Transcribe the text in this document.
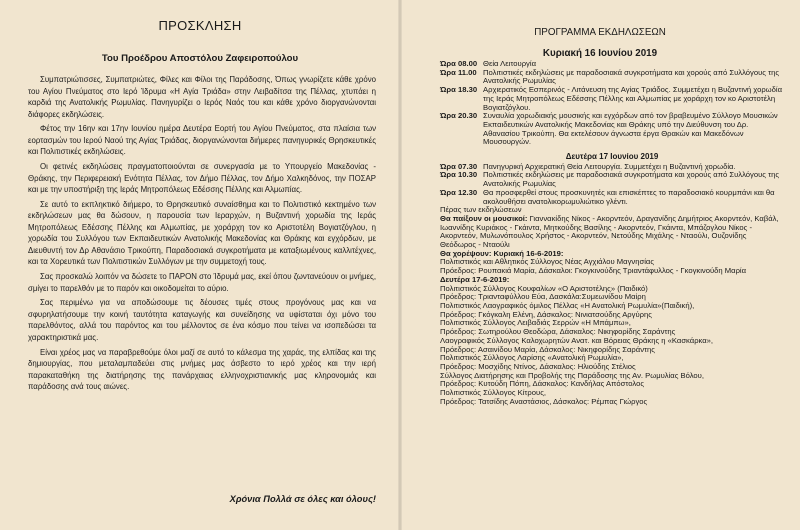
ΠΡΟΣΚΛΗΣΗ
Του Προέδρου Αποστόλου Ζαφειροπούλου

Συμπατριώτισσες, Συμπατριώτες, Φίλες και Φίλοι της Παράδοσης, Όπως γνωρίζετε κάθε χρόνο του Αγίου Πνεύματος στο Ιερό Ίδρυμα «Η Αγία Τριάδα» στην Λειβαδίτσα της Πέλλας, χτυπάει η καρδιά της Ανατολικής Ρωμυλίας. Πανηγυρίζει ο Ιερός Ναός του και κάθε χρόνο διοργανώνονται διάφορες εκδηλώσεις.

Φέτος την 16ην και 17ην Ιουνίου ημέρα Δευτέρα Εορτή του Αγίου Πνεύματος, στα πλαίσια των εορτασμών του Ιερού Ναού της Αγίας Τριάδας, διοργανώνονται διήμερες πανηγυρικές Θρησκευτικές και Πολιτιστικές εκδηλώσεις.

Οι φετινές εκδηλώσεις πραγματοποιούνται σε συνεργασία με το Υπουργείο Μακεδονίας - Θράκης, την Περιφερειακή Ενότητα Πέλλας, τον Δήμο Πέλλας, τον Δήμο Χαλκηδόνος, την ΠΟΣΑΡ και με την υποστήριξη της Ιεράς Μητροπόλεως Εδέσσης Πέλλης και Αλμωπίας.

Σε αυτό το εκπληκτικό διήμερο, το Θρησκευτικό συναίσθημα και το Πολιτιστικό κεκτημένο των εκδηλώσεων μας θα δώσουν, η παρουσία των Ιεραρχών, η Βυζαντινή χορωδία της Ιεράς Μητροπόλεως Εδέσσης Πέλλης και Αλμωπίας, με χοράρχη τον κο Αριστοτέλη Βογιατζόγλου, η χορωδία του Συλλόγου των Εκπαιδευτικών Ανατολικής Μακεδονίας και Θράκης και εγχόρδων, με Διευθυντή τον Δρ Αθανάσιο Τρικούπη, Παραδοσιακά συγκροτήματα με καταξιωμένους καλλιτέχνες, και τα Χορευτικά των Πολιτιστικών Συλλόγων με την συμμετοχή τους.

Σας προσκαλώ λοιπόν να δώσετε το ΠΑΡΟΝ στο Ίδρυμά μας, εκεί όπου ζωντανεύουν οι μνήμες, σμίγει το παρελθόν με το παρόν και οικοδομείται το αύριο.

Σας περιμένω για να αποδώσουμε τις δέουσες τιμές στους προγόνους μας και να σφυρηλατήσουμε την κοινή ταυτότητα καταγωγής και συνείδησης να υφίσταται όχι μόνο του παρελθόντος, αλλά του παρόντος και του μέλλοντος σε ένα κόσμο που τείνει να ισοπεδώσει τα χαρακτηριστικά μας.

Είναι χρέος μας να παραβρεθούμε όλοι μαζί σε αυτό το κάλεσμα της χαράς, της ελπίδας και της δημιουργίας, που μεταλαμπαδεύει στις μνήμες μας άσβεστο το ιερό χρέος και την ιερή παρακαταθήκη της διατήρησης της πανάρχαιας ελληνοχριστιανικής μας κληρονομιάς και παράδοσης ανά τους αιώνες.

Χρόνια Πολλά σε όλες και όλους!
ΠΡΟΓΡΑΜΜΑ ΕΚΔΗΛΩΣΕΩΝ
Κυριακή 16 Ιουνίου 2019
Ώρα 08.00 Θεία Λειτουργία
Ώρα 11.00 Πολιτιστικές εκδηλώσεις με παραδοσιακά συγκροτήματα και χορούς από Συλλόγους της Ανατολικής Ρωμυλίας
Ώρα 18.30 Αρχιερατικός Εσπερινός - Λιτάνευση της Αγίας Τριάδος. Συμμετέχει η Βυζαντινή χορωδία της Ιεράς Μητροπόλεως Εδέσσης Πέλλης και Αλμωπίας με χοράρχη τον κο Αριστοτέλη Βογιατζόγλου.
Ώρα 20.30 Συναυλία χορωδιακής μουσικής και εγχόρδων από τον βραβευμένο Σύλλογο Μουσικών Εκπαιδευτικών Ανατολικής Μακεδονίας και Θράκης υπό την Διεύθυνση του Δρ. Αθανασίου Τρικούπη. Θα εκτελέσουν άγνωστα έργα Θρακών και Μακεδόνων Μουσουργών.
Δευτέρα 17 Ιουνίου 2019
Ώρα 07.30 Πανηγυρική Αρχιερατική Θεία Λειτουργία. Συμμετέχει η Βυζαντινή χορωδία.
Ώρα 10.30 Πολιτιστικές εκδηλώσεις με παραδοσιακά συγκροτήματα και χορούς από Συλλόγους της Ανατολικής Ρωμυλίας
Ώρα 12.30 Θα προσφερθεί στους προσκυνητές και επισκέπτες το παραδοσιακό κουρμπάνι και θα ακολουθήσει ανατολικορωμυλιώτικο γλέντι.
Πέρας των εκδηλώσεων
Θα παίξουν οι μουσικοί: Γιαννακίδης Νίκος - Ακορντεόν, Δραγανίδης Δημήτριος Ακορντεόν, Καβάλ, Ιωαννίδης Κυριάκος - Γκάιντα, Μητκούδης Βασίλης - Ακορντεόν, Γκάιντα, Μπάζογλου Νίκος - Ακορντεόν, Μυλωνόπουλος Χρήστος - Ακορντεόν, Νετούδης Μιχάλης - Νταούλι, Ουζονίδης Θεόδωρος - Νταούλι
Θα χορέψουν: Κυριακή 16-6-2019:
Πολιτιστικός και Αθλητικός Σύλλογος Νέας Αγχιάλου Μαγνησίας
Πρόεδρος: Ρουπακιά Μαρία, Δάσκαλοι: Γκογκινούδης Τριαντάφυλλος - Γκογκινούδη Μαρία
Δευτέρα 17-6-2019:
Πολιτιστικός Σύλλογος Κουφαλίων «Ο Αριστοτέλης» (Παιδικό)
Πρόεδρος: Τριανταφύλλου Εύα, Δασκάλα:Συμεωνίδου Μαίρη
Πολιτιστικός Λαογραφικός όμιλος Πέλλας «Η Ανατολική Ρωμυλία»(Παιδική),
Πρόεδρος: Γκόγκαλη Ελένη, Δάσκαλος: Νινιατσούδης Αργύρης
Πολιτιστικός Σύλλογος Λειβαδιάς Σερρών «Η Μπάμπω»,
Πρόεδρος: Σωτηρούλου Θεοδώρα, Δάσκαλος: Νικηφορίδης Σαράντης
Λαογραφικός Σύλλογος Καλοχωρητών Ανατ. και Βόρειας Θράκης η «Κασκάρκα»,
Πρόεδρος: Ασαινίδου Μαρία, Δάσκαλος: Νικηφορίδης Σαράντης
Πολιτιστικός Σύλλογος Λαρίσης «Ανατολική Ρωμυλία»,
Πρόεδρος: Μοσχίδης Ντίνος, Δάσκαλος: Ηλιούδης Στέλιος
Σύλλογος Διατήρησης και Προβολής της Παράδοσης της Αν. Ρωμυλίας Βόλου,
Πρόεδρος: Κυτούδη Πόπη, Δάσκαλος: Κανδήλας Απόστολος
Πολιτιστικός Σύλλογος Κίτρους,
Πρόεδρος: Τατσίδης Αναστάσιος, Δάσκαλος: Ρέμπας Γιώργος
